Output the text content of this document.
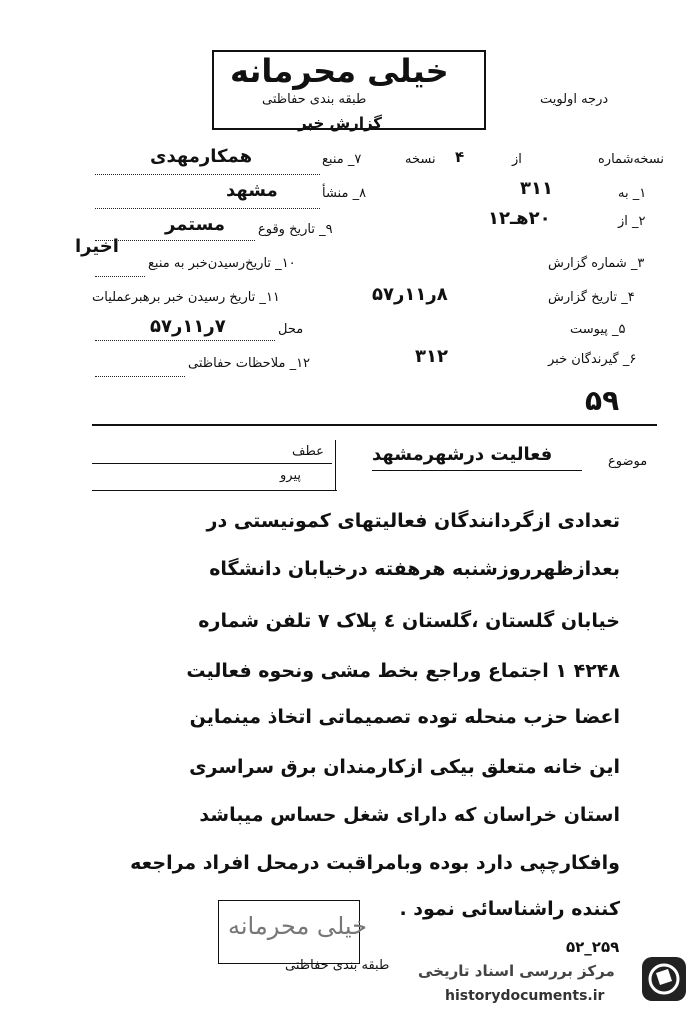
خیلی محرمانه
طبقه بندی حفاظتی
گزارش خبر
درجه اولویت
نسخه‌شماره
از
۴
نسخه
۷_ منبع
همکار‌مهدی
۱_ به
۳۱۱
۸_ منشأ
مشهد
۲_ از
۲۰هـ۱۲
۹_ تاریخ وقوع
مستمر
اخیرا
۳_ شماره گزارش
۱۰_ تاریخ‌رسیدن‌خبر به منبع
۴_ تاریخ گزارش
۸ر۱۱ر۵۷
۱۱_ تاریخ رسیدن خبر برهبرعملیات
۵_ پیوست
محل
۷ر۱۱ر۵۷
۶_ گیرندگان خبر
۳۱۲
۱۲_ ملاحظات حفاظتی
۵۹
موضوع
فعالیت درشهرمشهد
عطف
پیرو
تعدادی ازگردانندگان فعالیتهای کمونیستی در
بعدازظهرروز‌شنبه هرهفته درخیابان دانشگاه
خیابان گلستان ،گلستان ٤ پلاک ٧ تلفن شماره
۴۲۴۸ ۱ اجتماع وراجع بخط مشی ونحوه فعالیت
اعضا حزب منحله توده تصمیماتی اتخاذ مینماین
این خانه متعلق بیکی ازکارمندان برق سراسری
استان خراسان که دارای شغل حساس میباشد
وافکارچپی دارد بوده وبامراقبت درمحل افراد مراجعه
کننده راشناسائی نمود .
خیلی محرمانه
طبقه بندی حفاظتی
۵۲_۲۵۹
مرکز بررسی اسناد تاریخی
historydocuments.ir
